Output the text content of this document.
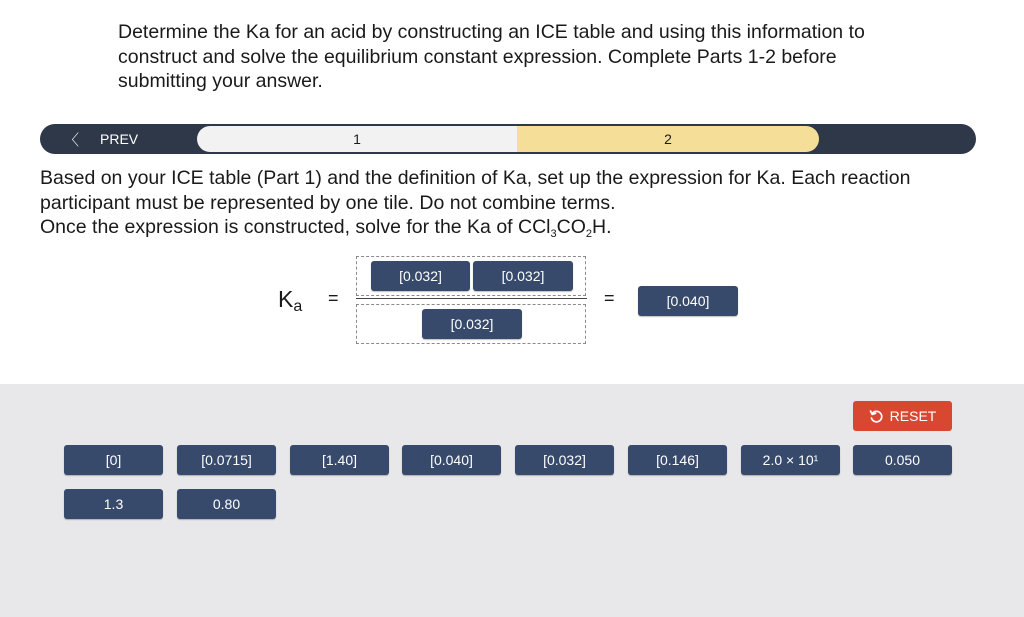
Determine the Ka for an acid by constructing an ICE table and using this information to construct and solve the equilibrium constant expression. Complete Parts 1-2 before submitting your answer.
〈 PREV	1	2
Based on your ICE table (Part 1) and the definition of Ka, set up the expression for Ka. Each reaction participant must be represented by one tile. Do not combine terms.
Once the expression is constructed, solve for the Ka of $CCl_3CO_2H$.
$K_a$ =
[0.032]	[0.032]
[0.032]
=	[0.040]
RESET
[0]	[0.0715]	[1.40]	[0.040]	[0.032]	[0.146]	2.0 × 10¹	0.050
1.3	0.80
